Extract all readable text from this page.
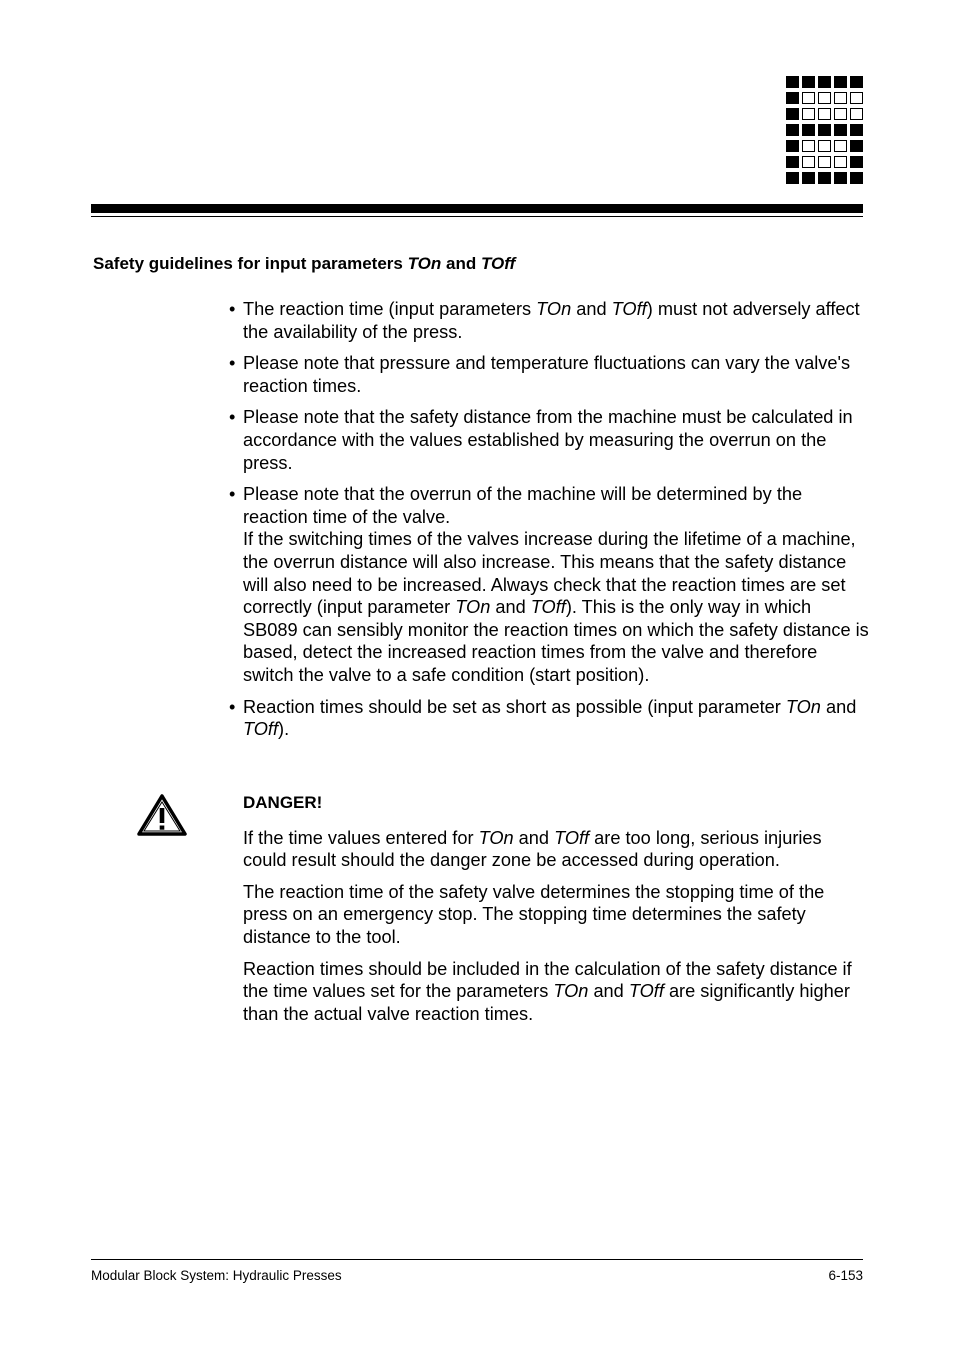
Safety guidelines for input parameters TOn and TOff
• The reaction time (input parameters TOn and TOff) must not adversely affect the availability of the press.

• Please note that pressure and temperature fluctuations can vary the valve's reaction times.

• Please note that the safety distance from the machine must be calculated in accordance with the values established by measuring the overrun on the press.

• Please note that the overrun of the machine will be determined by the reaction time of the valve.

If the switching times of the valves increase during the lifetime of a machine, the overrun distance will also increase. This means that the safety distance will also need to be increased. Always check that the reaction times are set correctly (input parameter TOn and TOff). This is the only way in which SB089 can sensibly monitor the reaction times on which the safety distance is based, detect the increased reaction times from the valve and therefore switch the valve to a safe condition (start position).

• Reaction times should be set as short as possible (input parameter TOn and TOff).

DANGER!

If the time values entered for TOn and TOff are too long, serious injuries could result should the danger zone be accessed during operation.

The reaction time of the safety valve determines the stopping time of the press on an emergency stop. The stopping time determines the safety distance to the tool.

Reaction times should be included in the calculation of the safety distance if the time values set for the parameters TOn and TOff are significantly higher than the actual valve reaction times.

Modular Block System: Hydraulic Presses	6-153
